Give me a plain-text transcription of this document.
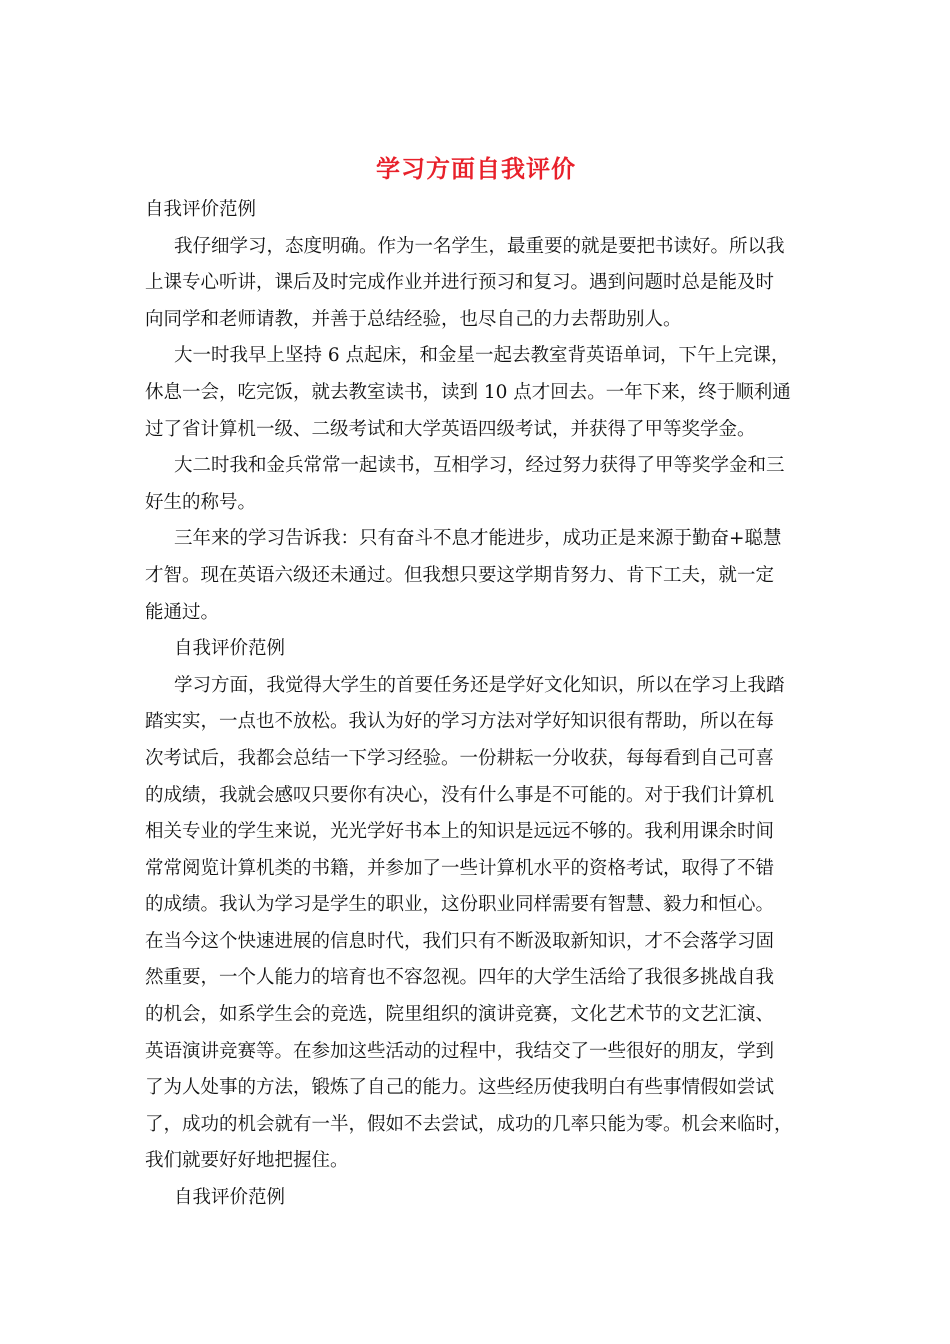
学习方面自我评价

自我评价范例

我仔细学习，态度明确。作为一名学生，最重要的就是要把书读好。所以我

上课专心听讲，课后及时完成作业并进行预习和复习。遇到问题时总是能及时

向同学和老师请教，并善于总结经验，也尽自己的力去帮助别人。

大一时我早上坚持 6 点起床，和金星一起去教室背英语单词，下午上完课，

休息一会，吃完饭，就去教室读书，读到 10 点才回去。一年下来，终于顺利通

过了省计算机一级、二级考试和大学英语四级考试，并获得了甲等奖学金。

大二时我和金兵常常一起读书，互相学习，经过努力获得了甲等奖学金和三

好生的称号。

三年来的学习告诉我：只有奋斗不息才能进步，成功正是来源于勤奋+聪慧

才智。现在英语六级还未通过。但我想只要这学期肯努力、肯下工夫，就一定

能通过。

自我评价范例

学习方面，我觉得大学生的首要任务还是学好文化知识，所以在学习上我踏

踏实实，一点也不放松。我认为好的学习方法对学好知识很有帮助，所以在每

次考试后，我都会总结一下学习经验。一份耕耘一分收获，每每看到自己可喜

的成绩，我就会感叹只要你有决心，没有什么事是不可能的。对于我们计算机

相关专业的学生来说，光光学好书本上的知识是远远不够的。我利用课余时间

常常阅览计算机类的书籍，并参加了一些计算机水平的资格考试，取得了不错

的成绩。我认为学习是学生的职业，这份职业同样需要有智慧、毅力和恒心。

在当今这个快速进展的信息时代，我们只有不断汲取新知识，才不会落学习固

然重要，一个人能力的培育也不容忽视。四年的大学生活给了我很多挑战自我

的机会，如系学生会的竞选，院里组织的演讲竞赛，文化艺术节的文艺汇演、

英语演讲竞赛等。在参加这些活动的过程中，我结交了一些很好的朋友，学到

了为人处事的方法，锻炼了自己的能力。这些经历使我明白有些事情假如尝试

了，成功的机会就有一半，假如不去尝试，成功的几率只能为零。机会来临时，

我们就要好好地把握住。

自我评价范例
